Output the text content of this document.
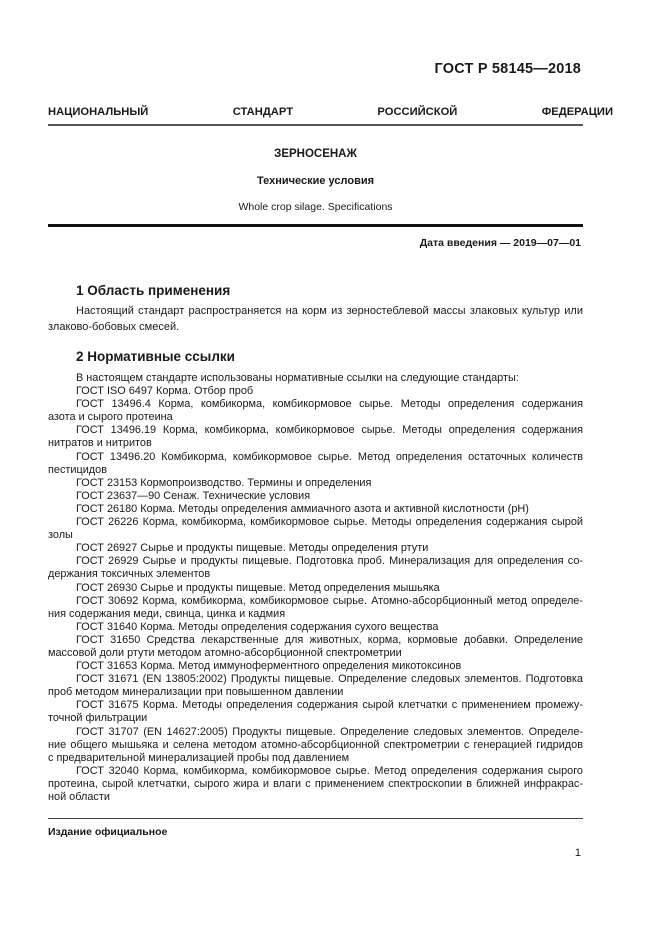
ГОСТ Р 58145—2018
НАЦИОНАЛЬНЫЙ СТАНДАРТ РОССИЙСКОЙ ФЕДЕРАЦИИ
ЗЕРНОСЕНАЖ
Технические условия
Whole crop silage. Specifications
Дата введения — 2019—07—01
1 Область применения
Настоящий стандарт распространяется на корм из зерностеблевой массы злаковых культур или злаково-бобовых смесей.
2 Нормативные ссылки
В настоящем стандарте использованы нормативные ссылки на следующие стандарты:
ГОСТ ISO 6497 Корма. Отбор проб
ГОСТ 13496.4 Корма, комбикорма, комбикормовое сырье. Методы определения содержания
азота и сырого протеина
ГОСТ 13496.19 Корма, комбикорма, комбикормовое сырье. Методы определения содержания
нитратов и нитритов
ГОСТ 13496.20 Комбикорма, комбикормовое сырье. Метод определения остаточных количеств
пестицидов
ГОСТ 23153 Кормопроизводство. Термины и определения
ГОСТ 23637—90 Сенаж. Технические условия
ГОСТ 26180 Корма. Методы определения аммиачного азота и активной кислотности (рН)
ГОСТ 26226 Корма, комбикорма, комбикормовое сырье. Методы определения содержания сырой
золы
ГОСТ 26927 Сырье и продукты пищевые. Методы определения ртути
ГОСТ 26929 Сырье и продукты пищевые. Подготовка проб. Минерализация для определения со-
держания токсичных элементов
ГОСТ 26930 Сырье и продукты пищевые. Метод определения мышьяка
ГОСТ 30692 Корма, комбикорма, комбикормовое сырье. Атомно-абсорбционный метод определе-
ния содержания меди, свинца, цинка и кадмия
ГОСТ 31640 Корма. Методы определения содержания сухого вещества
ГОСТ 31650 Средства лекарственные для животных, корма, кормовые добавки. Определение
массовой доли ртути методом атомно-абсорбционной спектрометрии
ГОСТ 31653 Корма. Метод иммуноферментного определения микотоксинов
ГОСТ 31671 (EN 13805:2002) Продукты пищевые. Определение следовых элементов. Подготовка
проб методом минерализации при повышенном давлении
ГОСТ 31675 Корма. Методы определения содержания сырой клетчатки с применением промежу-
точной фильтрации
ГОСТ 31707 (EN 14627:2005) Продукты пищевые. Определение следовых элементов. Определе-
ние общего мышьяка и селена методом атомно-абсорбционной спектрометрии с генерацией гидридов
с предварительной минерализацией пробы под давлением
ГОСТ 32040 Корма, комбикорма, комбикормовое сырье. Метод определения содержания сырого
протеина, сырой клетчатки, сырого жира и влаги с применением спектроскопии в ближней инфракрас-
ной области
Издание официальное
1
